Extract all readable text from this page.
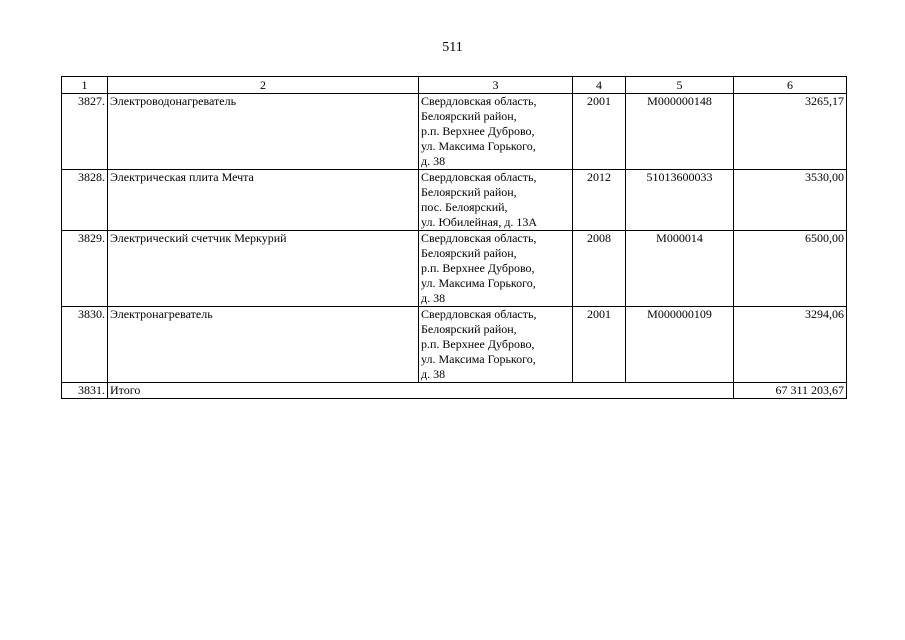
511
1	2	3	4	5	6
3827.	Электроводонагреватель	Свердловская область,
Белоярский район,
р.п. Верхнее Дуброво,
ул. Максима Горького,
д. 38	2001	М000000148	3265,17
3828.	Электрическая плита Мечта	Свердловская область,
Белоярский район,
пос. Белоярский,
ул. Юбилейная, д. 13А	2012	51013600033	3530,00
3829.	Электрический счетчик Меркурий	Свердловская область,
Белоярский район,
р.п. Верхнее Дуброво,
ул. Максима Горького,
д. 38	2008	М000014	6500,00
3830.	Электронагреватель	Свердловская область,
Белоярский район,
р.п. Верхнее Дуброво,
ул. Максима Горького,
д. 38	2001	М000000109	3294,06
3831.	Итого				67 311 203,67
